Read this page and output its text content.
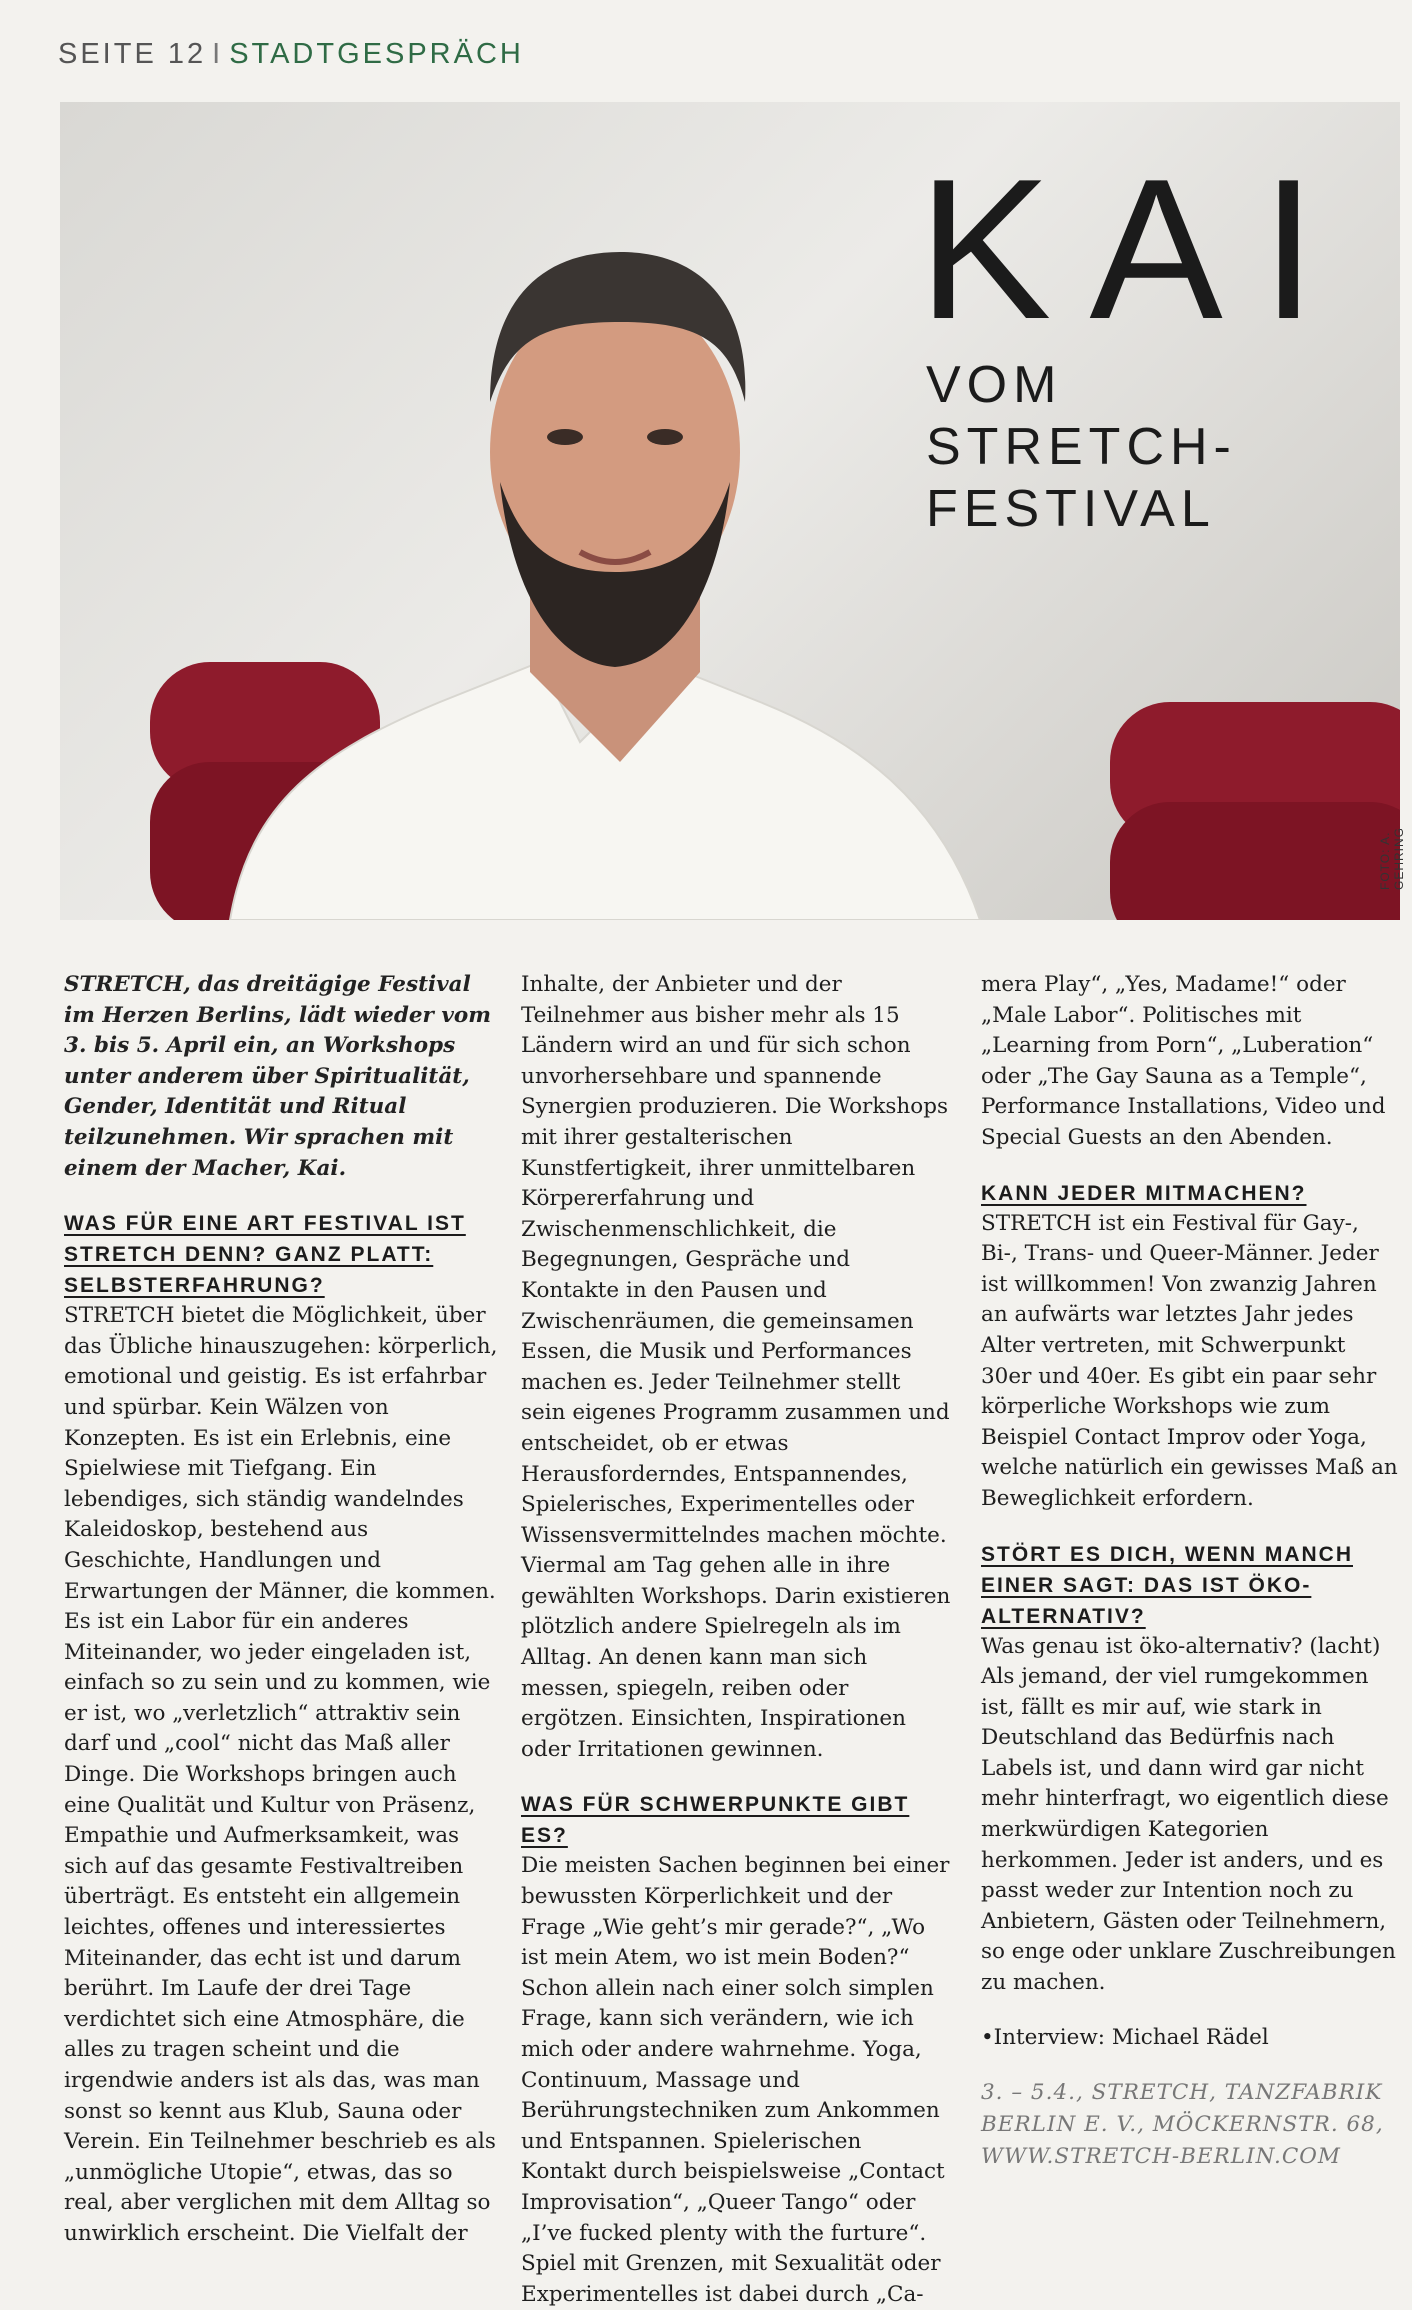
SEITE 12 I STADTGESPRÄCH
KAI
VOM
STRETCH-
FESTIVAL
FOTO: A. GEHRING

STRETCH, das dreitägige Festival im Herzen Berlins, lädt wieder vom 3. bis 5. April ein, an Workshops unter anderem über Spiritualität, Gender, Identität und Ritual teilzunehmen. Wir sprachen mit einem der Macher, Kai.

WAS FÜR EINE ART FESTIVAL IST STRETCH DENN? GANZ PLATT: SELBSTERFAHRUNG?

STRETCH bietet die Möglichkeit, über das Übliche hinauszugehen: körperlich, emotional und geistig. Es ist erfahrbar und spürbar. Kein Wälzen von Konzepten. Es ist ein Erlebnis, eine Spielwiese mit Tiefgang. Ein lebendiges, sich ständig wandelndes Kaleidoskop, bestehend aus Geschichte, Handlungen und Erwartungen der Männer, die kommen. Es ist ein Labor für ein anderes Miteinander, wo jeder eingeladen ist, einfach so zu sein und zu kommen, wie er ist, wo „verletzlich“ attraktiv sein darf und „cool“ nicht das Maß aller Dinge. Die Workshops bringen auch eine Qualität und Kultur von Präsenz, Empathie und Aufmerksamkeit, was sich auf das gesamte Festivaltreiben überträgt. Es entsteht ein allgemein leichtes, offenes und interessiertes Miteinander, das echt ist und darum berührt. Im Laufe der drei Tage verdichtet sich eine Atmosphäre, die alles zu tragen scheint und die irgendwie anders ist als das, was man sonst so kennt aus Klub, Sauna oder Verein. Ein Teilnehmer beschrieb es als „unmögliche Utopie“, etwas, das so real, aber verglichen mit dem Alltag so unwirklich erscheint. Die Vielfalt der

Inhalte, der Anbieter und der Teilnehmer aus bisher mehr als 15 Ländern wird an und für sich schon unvorhersehbare und spannende Synergien produzieren. Die Workshops mit ihrer gestalterischen Kunstfertigkeit, ihrer unmittelbaren Körpererfahrung und Zwischenmenschlichkeit, die Begegnungen, Gespräche und Kontakte in den Pausen und Zwischenräumen, die gemeinsamen Essen, die Musik und Performances machen es. Jeder Teilnehmer stellt sein eigenes Programm zusammen und entscheidet, ob er etwas Herausforderndes, Entspannendes, Spielerisches, Experimentelles oder Wissensvermittelndes machen möchte. Viermal am Tag gehen alle in ihre gewählten Workshops. Darin existieren plötzlich andere Spielregeln als im Alltag. An denen kann man sich messen, spiegeln, reiben oder ergötzen. Einsichten, Inspirationen oder Irritationen gewinnen.

WAS FÜR SCHWERPUNKTE GIBT ES?

Die meisten Sachen beginnen bei einer bewussten Körperlichkeit und der Frage „Wie geht’s mir gerade?“, „Wo ist mein Atem, wo ist mein Boden?“ Schon allein nach einer solch simplen Frage, kann sich verändern, wie ich mich oder andere wahrnehme. Yoga, Continuum, Massage und Berührungstechniken zum Ankommen und Entspannen. Spielerischen Kontakt durch beispielsweise „Contact Improvisation“, „Queer Tango“ oder „I’ve fucked plenty with the furture“. Spiel mit Grenzen, mit Sexualität oder Experimentelles ist dabei durch „Ca-

mera Play“, „Yes, Madame!“ oder „Male Labor“. Politisches mit „Learning from Porn“, „Luberation“ oder „The Gay Sauna as a Temple“, Performance Installations, Video und Special Guests an den Abenden.

KANN JEDER MITMACHEN?

STRETCH ist ein Festival für Gay-, Bi-, Trans- und Queer-Männer. Jeder ist willkommen! Von zwanzig Jahren an aufwärts war letztes Jahr jedes Alter vertreten, mit Schwerpunkt 30er und 40er. Es gibt ein paar sehr körperliche Workshops wie zum Beispiel Contact Improv oder Yoga, welche natürlich ein gewisses Maß an Beweglichkeit erfordern.

STÖRT ES DICH, WENN MANCH EINER SAGT: DAS IST ÖKO-ALTERNATIV?

Was genau ist öko-alternativ? (lacht) Als jemand, der viel rumgekommen ist, fällt es mir auf, wie stark in Deutschland das Bedürfnis nach Labels ist, und dann wird gar nicht mehr hinterfragt, wo eigentlich diese merkwürdigen Kategorien herkommen. Jeder ist anders, und es passt weder zur Intention noch zu Anbietern, Gästen oder Teilnehmern, so enge oder unklare Zuschreibungen zu machen.

•Interview: Michael Rädel

3. – 5.4., STRETCH, TANZFABRIK

BERLIN E. V., MÖCKERNSTR. 68,

WWW.STRETCH-BERLIN.COM
